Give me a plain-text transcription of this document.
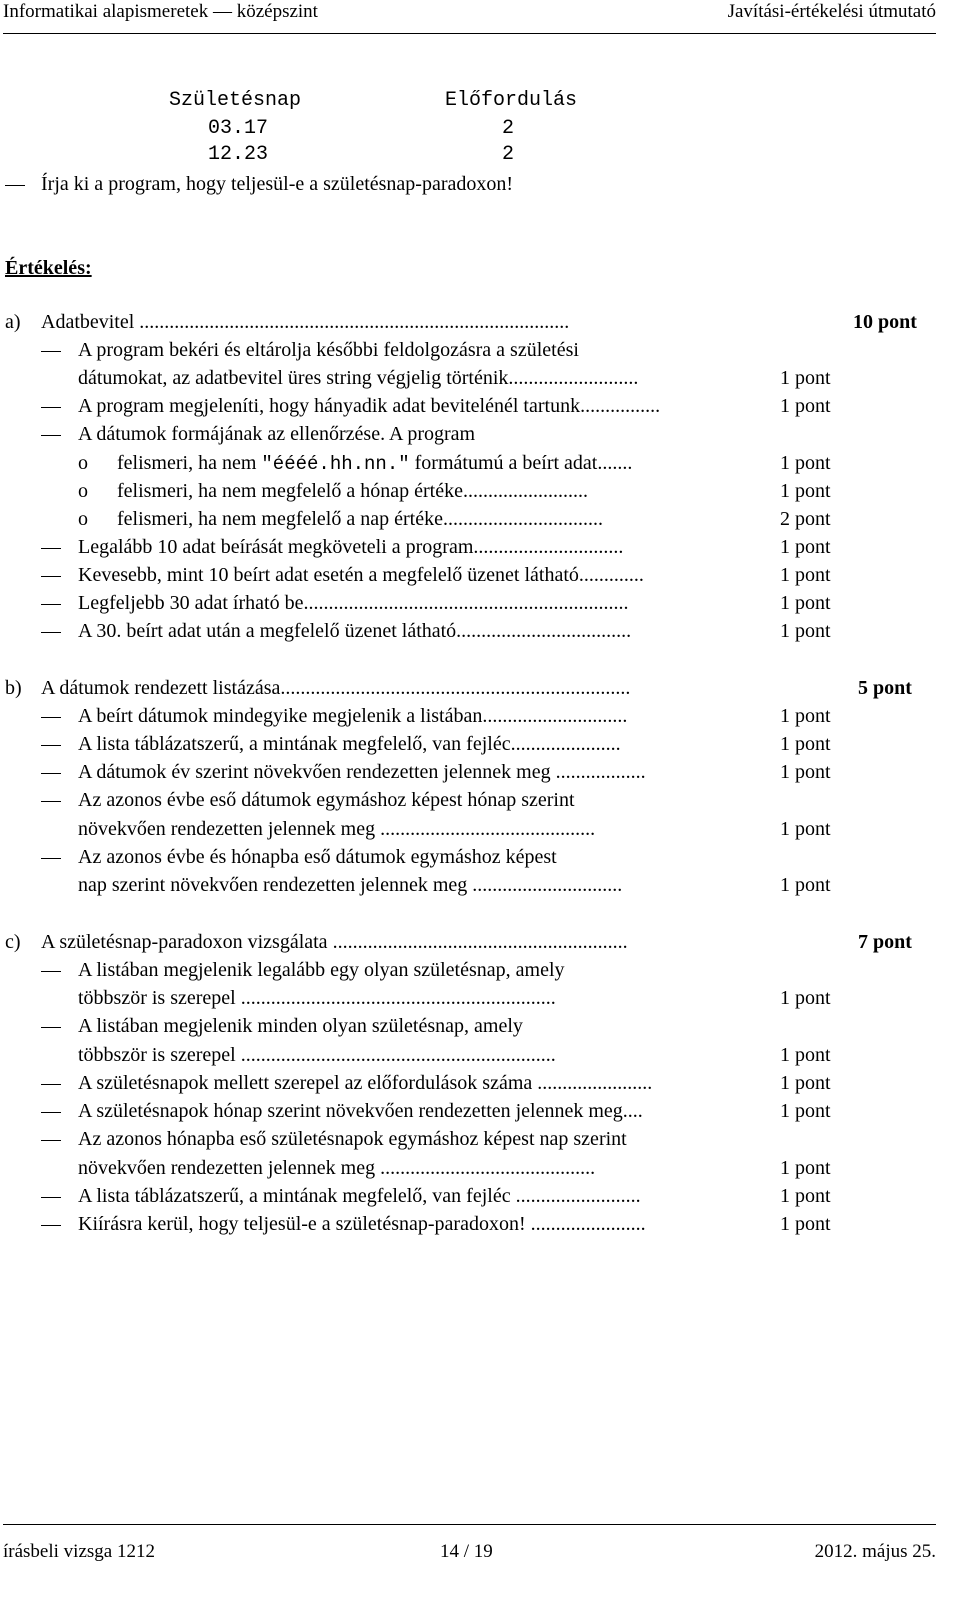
Informatikai alapismeretek — középszint	Javítási-értékelési útmutató
Születésnap	Előfordulás
03.17	2
12.23	2
Írja ki a program, hogy teljesül-e a születésnap-paradoxon!
Értékelés:
a) Adatbevitel ......................................................................................	10 pont
A program bekéri és eltárolja későbbi feldolgozásra a születési
dátumokat, az adatbevitel üres string végjelig történik..........................	1 pont
A program megjeleníti, hogy hányadik adat bevitelénél tartunk................	1 pont
A dátumok formájának az ellenőrzése. A program
o felismeri, ha nem "éééé.hh.nn." formátumú a beírt adat.......	1 pont
o felismeri, ha nem megfelelő a hónap értéke.........................	1 pont
o felismeri, ha nem megfelelő a nap értéke................................	2 pont
Legalább 10 adat beírását megköveteli a program..............................	1 pont
Kevesebb, mint 10 beírt adat esetén a megfelelő üzenet látható.............	1 pont
Legfeljebb 30 adat írható be.................................................................	1 pont
A 30. beírt adat után a megfelelő üzenet látható...................................	1 pont
b) A dátumok rendezett listázása......................................................................	5 pont
A beírt dátumok mindegyike megjelenik a listában.............................	1 pont
A lista táblázatszerű, a mintának megfelelő, van fejléc......................	1 pont
A dátumok év szerint növekvően rendezetten jelennek meg ..................	1 pont
Az azonos évbe eső dátumok egymáshoz képest hónap szerint
növekvően rendezetten jelennek meg ...........................................	1 pont
Az azonos évbe és hónapba eső dátumok egymáshoz képest
nap szerint növekvően rendezetten jelennek meg ..............................	1 pont
c) A születésnap-paradoxon vizsgálata ...........................................................	7 pont
A listában megjelenik legalább egy olyan születésnap, amely
többször is szerepel ...............................................................	1 pont
A listában megjelenik minden olyan születésnap, amely
többször is szerepel ...............................................................	1 pont
A születésnapok mellett szerepel az előfordulások száma .......................	1 pont
A születésnapok hónap szerint növekvően rendezetten jelennek meg....	1 pont
Az azonos hónapba eső születésnapok egymáshoz képest nap szerint
növekvően rendezetten jelennek meg ...........................................	1 pont
A lista táblázatszerű, a mintának megfelelő, van fejléc .........................	1 pont
Kiírásra kerül, hogy teljesül-e a születésnap-paradoxon! .......................	1 pont
írásbeli vizsga 1212	14 / 19	2012. május 25.
